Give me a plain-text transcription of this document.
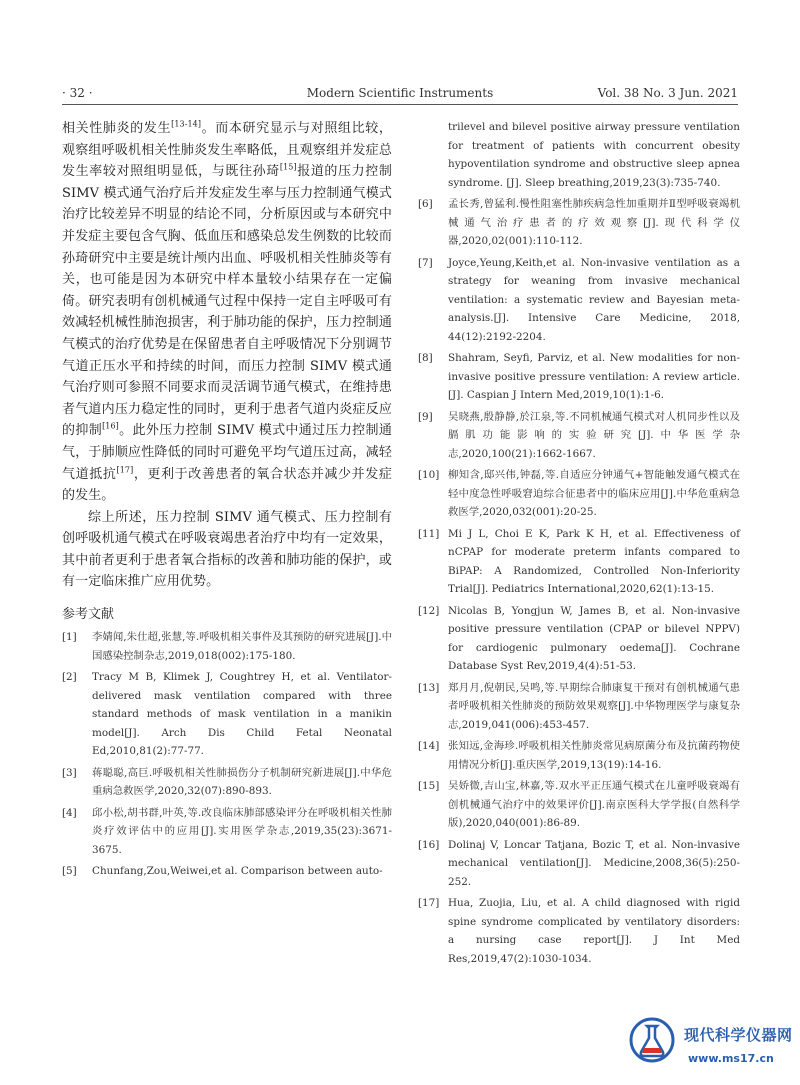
· 32 ·	Modern Scientific Instruments	Vol. 38 No. 3 Jun. 2021

相关性肺炎的发生[13-14]。而本研究显示与对照组比较，观察组呼吸机相关性肺炎发生率略低，且观察组并发症总发生率较对照组明显低，与既往孙琦[15]报道的压力控制 SIMV 模式通气治疗后并发症发生率与压力控制通气模式治疗比较差异不明显的结论不同，分析原因或与本研究中并发症主要包含气胸、低血压和感染总发生例数的比较而孙琦研究中主要是统计颅内出血、呼吸机相关性肺炎等有关，也可能是因为本研究中样本量较小结果存在一定偏倚。研究表明有创机械通气过程中保持一定自主呼吸可有效减轻机械性肺泡损害，利于肺功能的保护，压力控制通气模式的治疗优势是在保留患者自主呼吸情况下分别调节气道正压水平和持续的时间，而压力控制 SIMV 模式通气治疗则可参照不同要求而灵活调节通气模式，在维持患者气道内压力稳定性的同时，更利于患者气道内炎症反应的抑制[16]。此外压力控制 SIMV 模式中通过压力控制通气，于肺顺应性降低的同时可避免平均气道压过高，减轻气道抵抗[17]，更利于改善患者的氧合状态并减少并发症的发生。

综上所述，压力控制 SIMV 通气模式、压力控制有创呼吸机通气模式在呼吸衰竭患者治疗中均有一定效果，其中前者更利于患者氧合指标的改善和肺功能的保护，或有一定临床推广应用优势。

参考文献

[1] 李婧闻,朱仕超,张慧,等.呼吸机相关事件及其预防的研究进展[J].中国感染控制杂志,2019,018(002):175-180.

[2] Tracy M B, Klimek J, Coughtrey H, et al. Ventilator-delivered mask ventilation compared with three standard methods of mask ventilation in a manikin model[J]. Arch Dis Child Fetal Neonatal Ed,2010,81(2):77-77.

[3] 蒋聪聪,高巨.呼吸机相关性肺损伤分子机制研究新进展[J].中华危重病急救医学,2020,32(07):890-893.

[4] 邱小松,胡书群,叶英,等.改良临床肺部感染评分在呼吸机相关性肺炎疗效评估中的应用[J].实用医学杂志,2019,35(23):3671-3675.

[5] Chunfang,Zou,Weiwei,et al. Comparison between auto-

trilevel and bilevel positive airway pressure ventilation for treatment of patients with concurrent obesity hypoventilation syndrome and obstructive sleep apnea syndrome. [J]. Sleep breathing,2019,23(3):735-740.

[6] 孟长秀,曾猛利.慢性阻塞性肺疾病急性加重期并Ⅱ型呼吸衰竭机械通气治疗患者的疗效观察[J].现代科学仪器,2020,02(001):110-112.

[7] Joyce,Yeung,Keith,et al. Non-invasive ventilation as a strategy for weaning from invasive mechanical ventilation: a systematic review and Bayesian meta-analysis.[J]. Intensive Care Medicine, 2018, 44(12):2192-2204.

[8] Shahram, Seyfi, Parviz, et al. New modalities for non-invasive positive pressure ventilation: A review article.[J]. Caspian J Intern Med,2019,10(1):1-6.

[9] 吴晓燕,殷静静,於江泉,等.不同机械通气模式对人机同步性以及膈肌功能影响的实验研究[J].中华医学杂志,2020,100(21):1662-1667.

[10] 柳知含,邸兴伟,钟磊,等.自适应分钟通气+智能触发通气模式在轻中度急性呼吸窘迫综合征患者中的临床应用[J].中华危重病急救医学,2020,032(001):20-25.

[11] Mi J L, Choi E K, Park K H, et al. Effectiveness of nCPAP for moderate preterm infants compared to BiPAP: A Randomized, Controlled Non-Inferiority Trial[J]. Pediatrics International,2020,62(1):13-15.

[12] Nicolas B, Yongjun W, James B, et al. Non-invasive positive pressure ventilation (CPAP or bilevel NPPV) for cardiogenic pulmonary oedema[J]. Cochrane Database Syst Rev,2019,4(4):51-53.

[13] 郑月月,倪朝民,吴鸣,等.早期综合肺康复干预对有创机械通气患者呼吸机相关性肺炎的预防效果观察[J].中华物理医学与康复杂志,2019,041(006):453-457.

[14] 张知远,金海珍.呼吸机相关性肺炎常见病原菌分布及抗菌药物使用情况分析[J].重庆医学,2019,13(19):14-16.

[15] 吴娇微,吉山宝,林嘉,等.双水平正压通气模式在儿童呼吸衰竭有创机械通气治疗中的效果评价[J].南京医科大学学报(自然科学版),2020,040(001):86-89.

[16] Dolinaj V, Loncar Tatjana, Bozic T, et al. Non-invasive mechanical ventilation[J]. Medicine,2008,36(5):250-252.

[17] Hua, Zuojia, Liu, et al. A child diagnosed with rigid spine syndrome complicated by ventilatory disorders: a nursing case report[J]. J Int Med Res,2019,47(2):1030-1034.

现代科学仪器网
www.ms17.cn
